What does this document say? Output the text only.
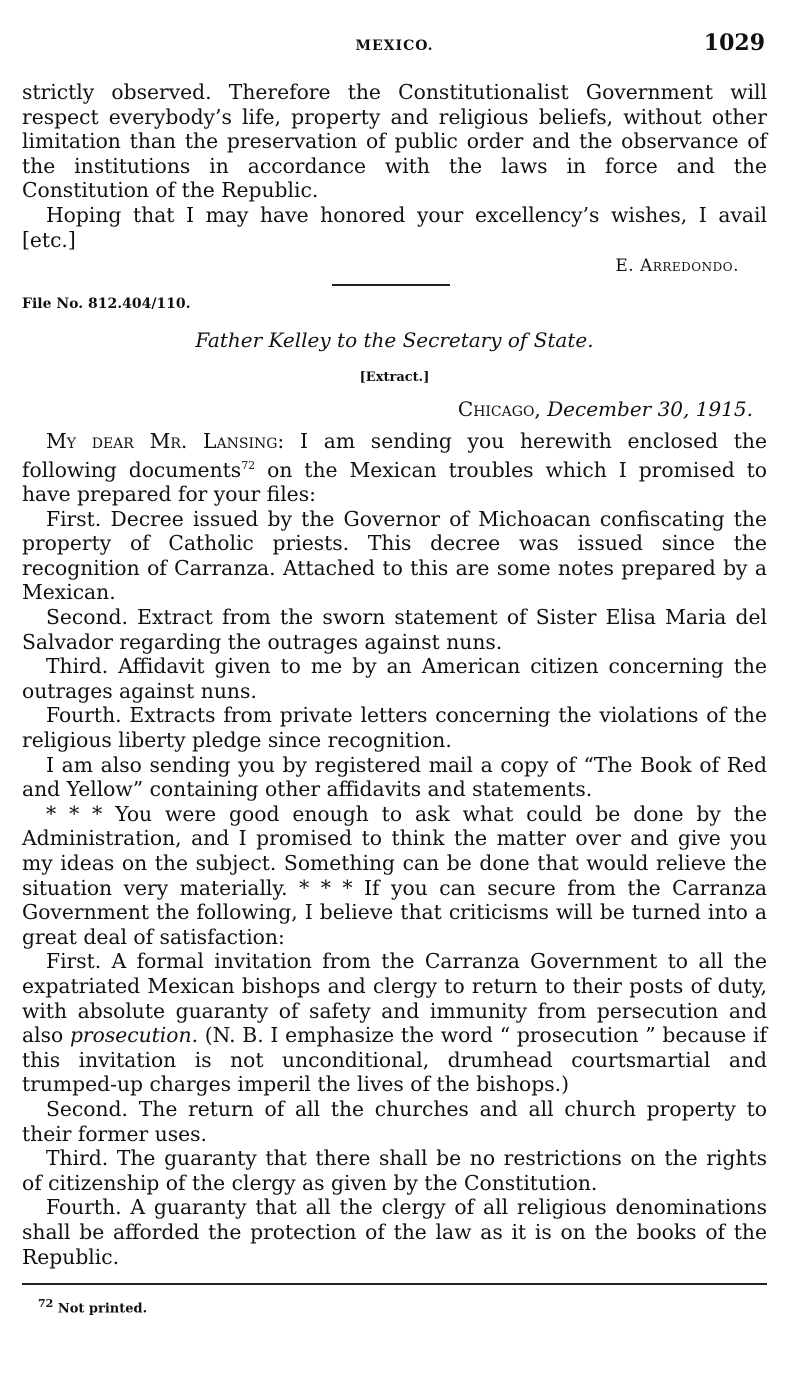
MEXICO.	1029

strictly observed. Therefore the Constitutionalist Government will respect everybody’s life, property and religious beliefs, without other limitation than the preservation of public order and the observance of the institutions in accordance with the laws in force and the Constitution of the Republic.

Hoping that I may have honored your excellency’s wishes, I avail [etc.]

E. Arredondo.
File No. 812.404/110.
Father Kelley to the Secretary of State.
[Extract.]
Chicago, December 30, 1915.

My dear Mr. Lansing: I am sending you herewith enclosed the following documents$^{72}$ on the Mexican troubles which I promised to have prepared for your files:

First. Decree issued by the Governor of Michoacan confiscating the property of Catholic priests. This decree was issued since the recognition of Carranza. Attached to this are some notes prepared by a Mexican.

Second. Extract from the sworn statement of Sister Elisa Maria del Salvador regarding the outrages against nuns.

Third. Affidavit given to me by an American citizen concerning the outrages against nuns.

Fourth. Extracts from private letters concerning the violations of the religious liberty pledge since recognition.

I am also sending you by registered mail a copy of “The Book of Red and Yellow” containing other affidavits and statements.

* * * You were good enough to ask what could be done by the Administration, and I promised to think the matter over and give you my ideas on the subject. Something can be done that would relieve the situation very materially. * * * If you can secure from the Carranza Government the following, I believe that criticisms will be turned into a great deal of satisfaction:

First. A formal invitation from the Carranza Government to all the expatriated Mexican bishops and clergy to return to their posts of duty, with absolute guaranty of safety and immunity from persecution and also prosecution. (N. B. I emphasize the word “ prosecution ” because if this invitation is not unconditional, drumhead courtsmartial and trumped-up charges imperil the lives of the bishops.)

Second. The return of all the churches and all church property to their former uses.

Third. The guaranty that there shall be no restrictions on the rights of citizenship of the clergy as given by the Constitution.

Fourth. A guaranty that all the clergy of all religious denominations shall be afforded the protection of the law as it is on the books of the Republic.

$^{72}$ Not printed.
